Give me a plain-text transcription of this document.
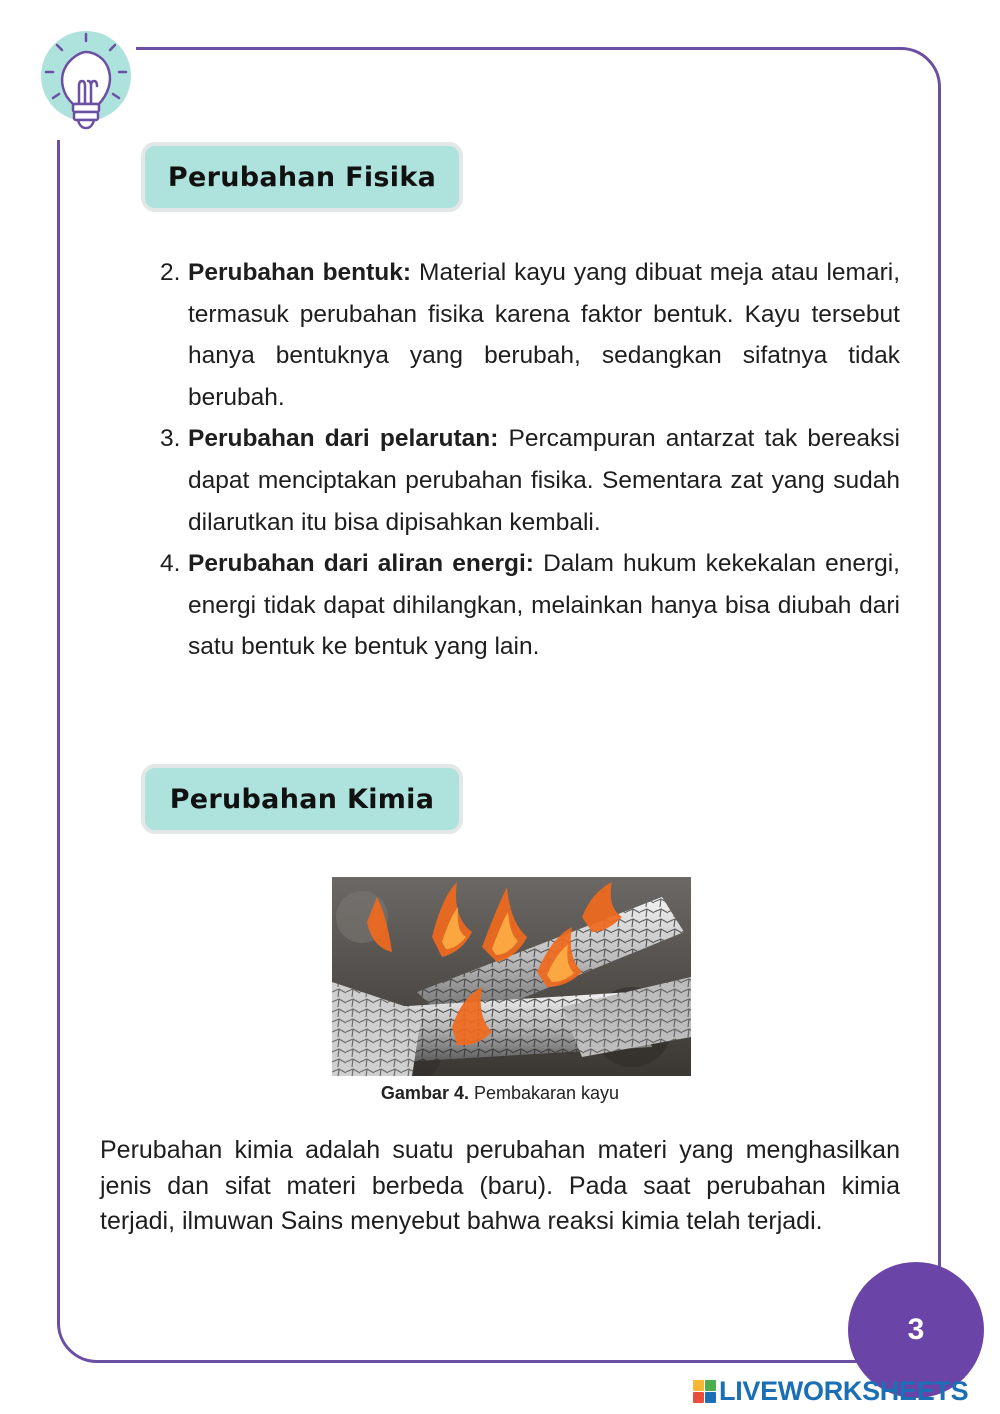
Perubahan Fisika
2. Perubahan bentuk: Material kayu yang dibuat meja atau lemari, termasuk perubahan fisika karena faktor bentuk. Kayu tersebut hanya bentuknya yang berubah, sedangkan sifatnya tidak berubah.
3. Perubahan dari pelarutan: Percampuran antarzat tak bereaksi dapat menciptakan perubahan fisika. Sementara zat yang sudah dilarutkan itu bisa dipisahkan kembali.
4. Perubahan dari aliran energi: Dalam hukum kekekalan energi, energi tidak dapat dihilangkan, melainkan hanya bisa diubah dari satu bentuk ke bentuk yang lain.
Perubahan Kimia
Gambar 4. Pembakaran kayu

Perubahan kimia adalah suatu perubahan materi yang menghasilkan jenis dan sifat materi berbeda (baru). Pada saat perubahan kimia terjadi, ilmuwan Sains menyebut bahwa reaksi kimia telah terjadi.

3
LIVEWORKSHEETS
